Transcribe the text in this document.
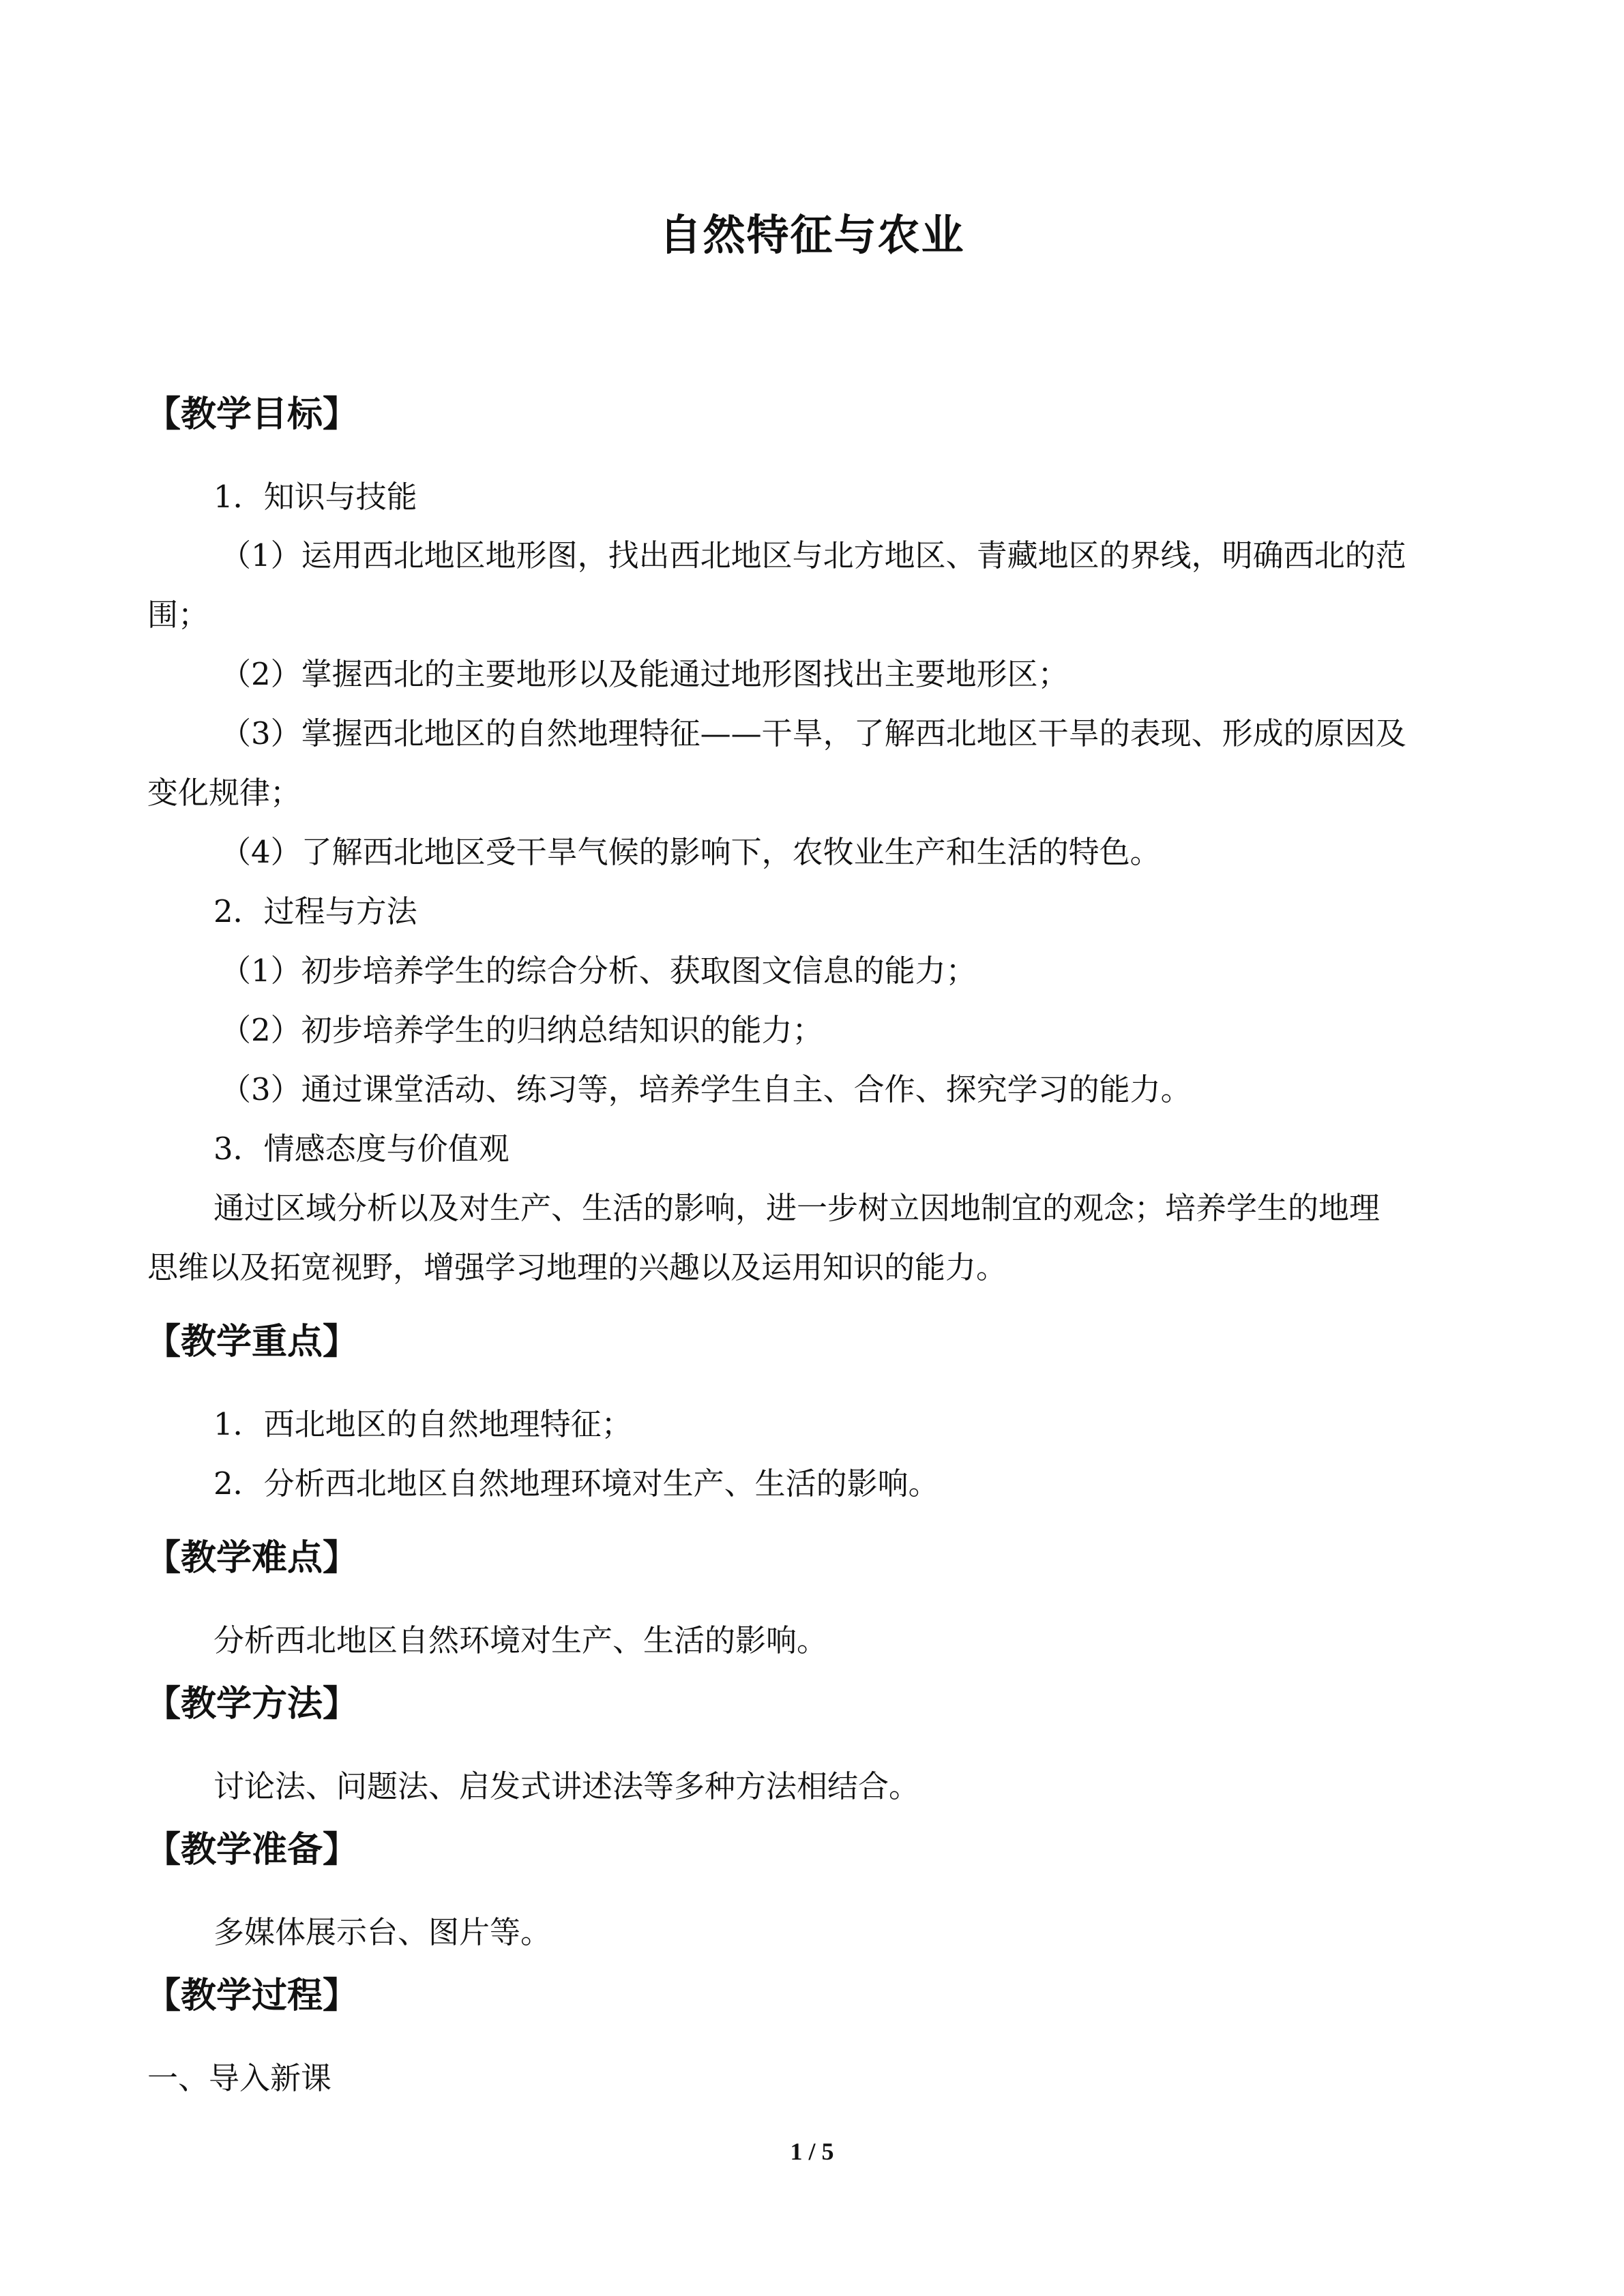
自然特征与农业
【教学目标】
1．知识与技能
（1）运用西北地区地形图，找出西北地区与北方地区、青藏地区的界线，明确西北的范
围；
（2）掌握西北的主要地形以及能通过地形图找出主要地形区；
（3）掌握西北地区的自然地理特征——干旱，了解西北地区干旱的表现、形成的原因及
变化规律；
（4）了解西北地区受干旱气候的影响下，农牧业生产和生活的特色。
2．过程与方法
（1）初步培养学生的综合分析、获取图文信息的能力；
（2）初步培养学生的归纳总结知识的能力；
（3）通过课堂活动、练习等，培养学生自主、合作、探究学习的能力。
3．情感态度与价值观
通过区域分析以及对生产、生活的影响，进一步树立因地制宜的观念；培养学生的地理
思维以及拓宽视野，增强学习地理的兴趣以及运用知识的能力。
【教学重点】
1．西北地区的自然地理特征；
2．分析西北地区自然地理环境对生产、生活的影响。
【教学难点】
分析西北地区自然环境对生产、生活的影响。
【教学方法】
讨论法、问题法、启发式讲述法等多种方法相结合。
【教学准备】
多媒体展示台、图片等。
【教学过程】
一、导入新课
1 / 5
